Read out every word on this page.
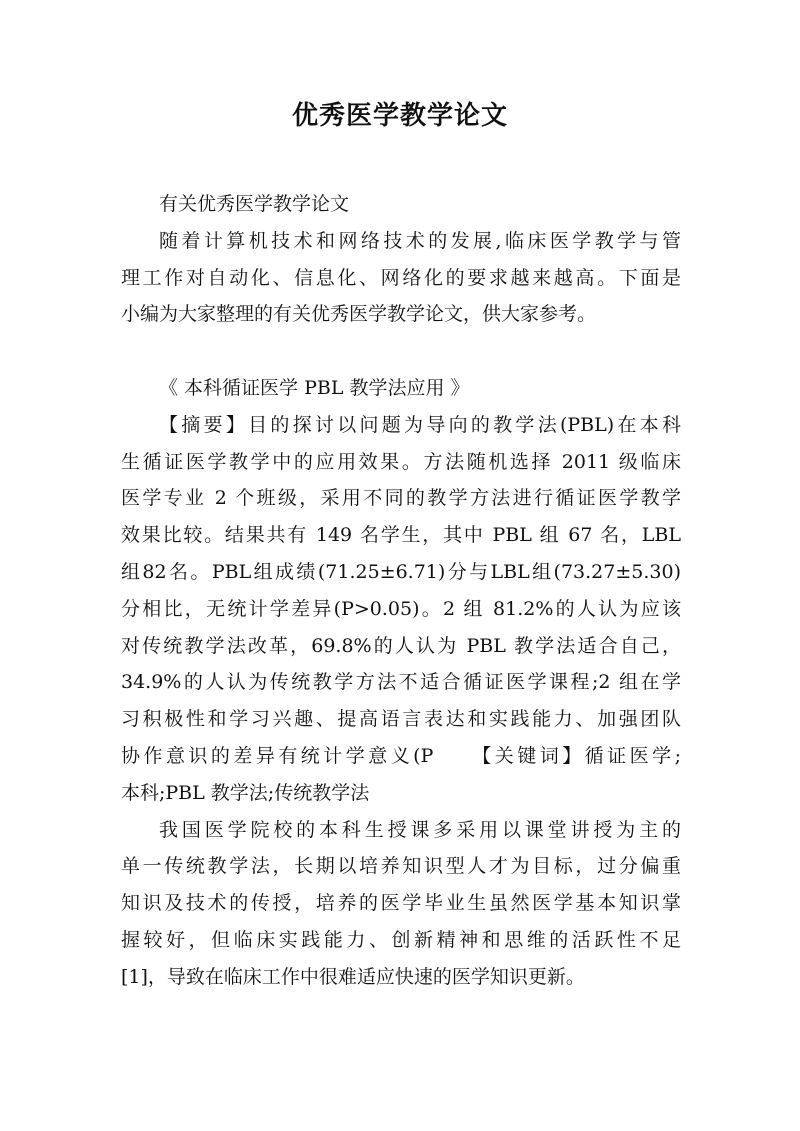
优秀医学教学论文
有关优秀医学教学论文
随着计算机技术和网络技术的发展,临床医学教学与管
理工作对自动化、信息化、网络化的要求越来越高。下面是
小编为大家整理的有关优秀医学教学论文，供大家参考。
《 本科循证医学 PBL 教学法应用 》
【摘要】目的探讨以问题为导向的教学法(PBL)在本科
生循证医学教学中的应用效果。方法随机选择 2011 级临床
医学专业 2 个班级，采用不同的教学方法进行循证医学教学
效果比较。结果共有 149 名学生，其中 PBL 组 67 名，LBL
组82名。PBL组成绩(71.25±6.71)分与LBL组(73.27±5.30)
分相比，无统计学差异(P>0.05)。2 组 81.2%的人认为应该
对传统教学法改革，69.8%的人认为 PBL 教学法适合自己，
34.9%的人认为传统教学方法不适合循证医学课程;2 组在学
习积极性和学习兴趣、提高语言表达和实践能力、加强团队
协作意识的差异有统计学意义(P　　【关键词】循证医学;
本科;PBL 教学法;传统教学法
我国医学院校的本科生授课多采用以课堂讲授为主的
单一传统教学法，长期以培养知识型人才为目标，过分偏重
知识及技术的传授，培养的医学毕业生虽然医学基本知识掌
握较好，但临床实践能力、创新精神和思维的活跃性不足
[1]，导致在临床工作中很难适应快速的医学知识更新。
